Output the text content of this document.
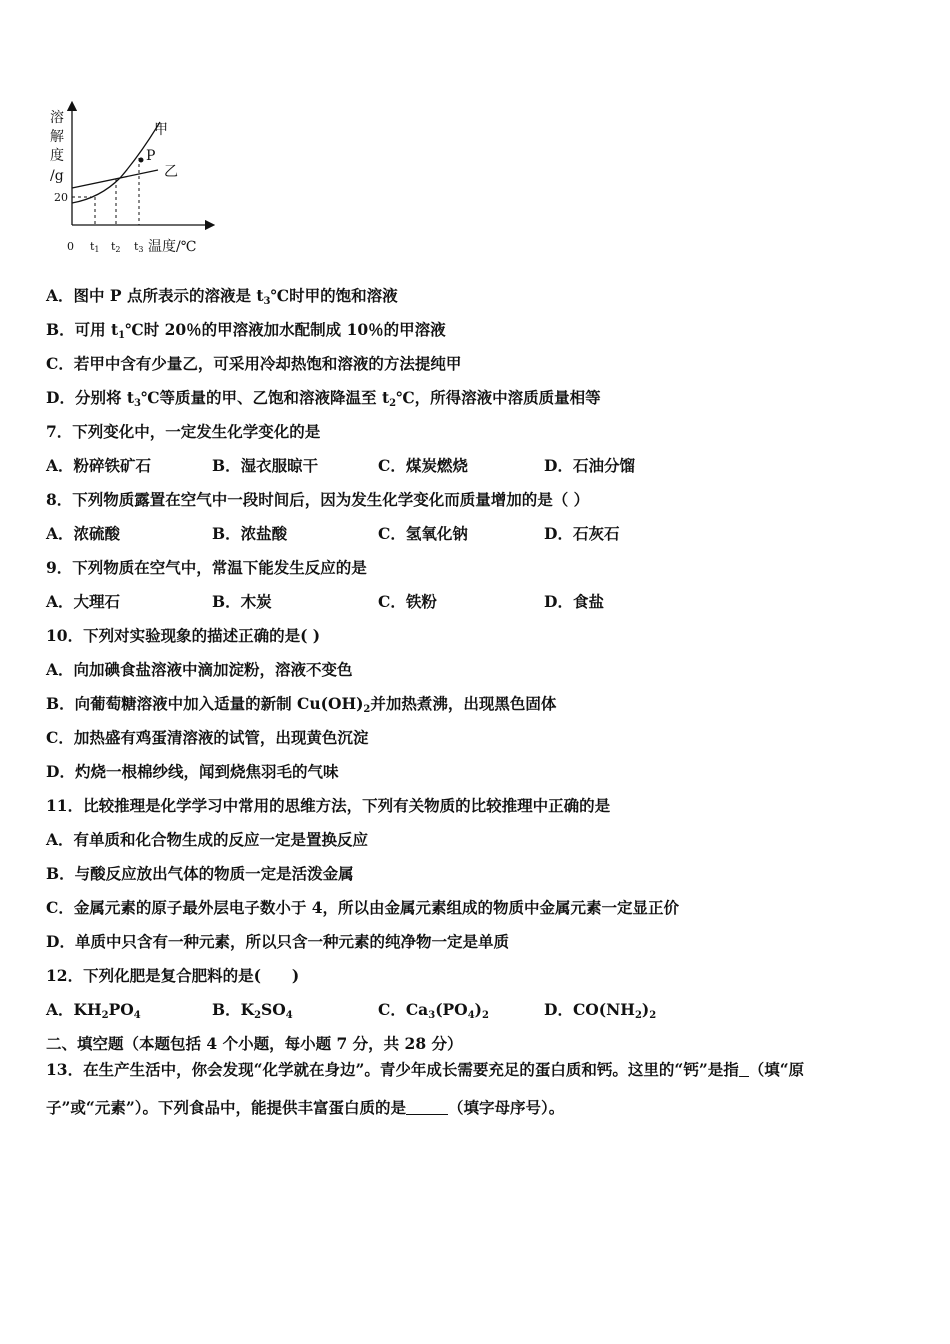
溶
解
度
/g
20
P
甲
乙
0 t1 t2 t3 温度/℃
A．图中 P 点所表示的溶液是 $t_3℃$时甲的饱和溶液
B．可用 $t_1℃$时 20％的甲溶液加水配制成 10％的甲溶液
C．若甲中含有少量乙，可采用冷却热饱和溶液的方法提纯甲
D．分别将 $t_3℃$等质量的甲、乙饱和溶液降温至 $t_2℃$，所得溶液中溶质质量相等
7．下列变化中，一定发生化学变化的是
A．粉碎铁矿石	B．湿衣服晾干	C．煤炭燃烧	D．石油分馏
8．下列物质露置在空气中一段时间后，因为发生化学变化而质量增加的是（ ）
A．浓硫酸	B．浓盐酸	C．氢氧化钠	D．石灰石
9．下列物质在空气中，常温下能发生反应的是
A．大理石	B．木炭	C．铁粉	D．食盐
10．下列对实验现象的描述正确的是( )
A．向加碘食盐溶液中滴加淀粉，溶液不变色
B．向葡萄糖溶液中加入适量的新制 $Cu(OH)_2$并加热煮沸，出现黑色固体
C．加热盛有鸡蛋清溶液的试管，出现黄色沉淀
D．灼烧一根棉纱线，闻到烧焦羽毛的气味
11．比较推理是化学学习中常用的思维方法，下列有关物质的比较推理中正确的是
A．有单质和化合物生成的反应一定是置换反应
B．与酸反应放出气体的物质一定是活泼金属
C．金属元素的原子最外层电子数小于 4，所以由金属元素组成的物质中金属元素一定显正价
D．单质中只含有一种元素，所以只含一种元素的纯净物一定是单质
12．下列化肥是复合肥料的是(　　)
A．$KH_2PO_4$	B．$K_2SO_4$	C．$Ca_3(PO_4)_2$	D．$CO(NH_2)_2$
二、填空题（本题包括 4 个小题，每小题 7 分，共 28 分）
13．在生产生活中，你会发现“化学就在身边”。青少年成长需要充足的蛋白质和钙。这里的“钙”是指 （填“原
子”或“元素”）。下列食品中，能提供丰富蛋白质的是	（填字母序号）。
